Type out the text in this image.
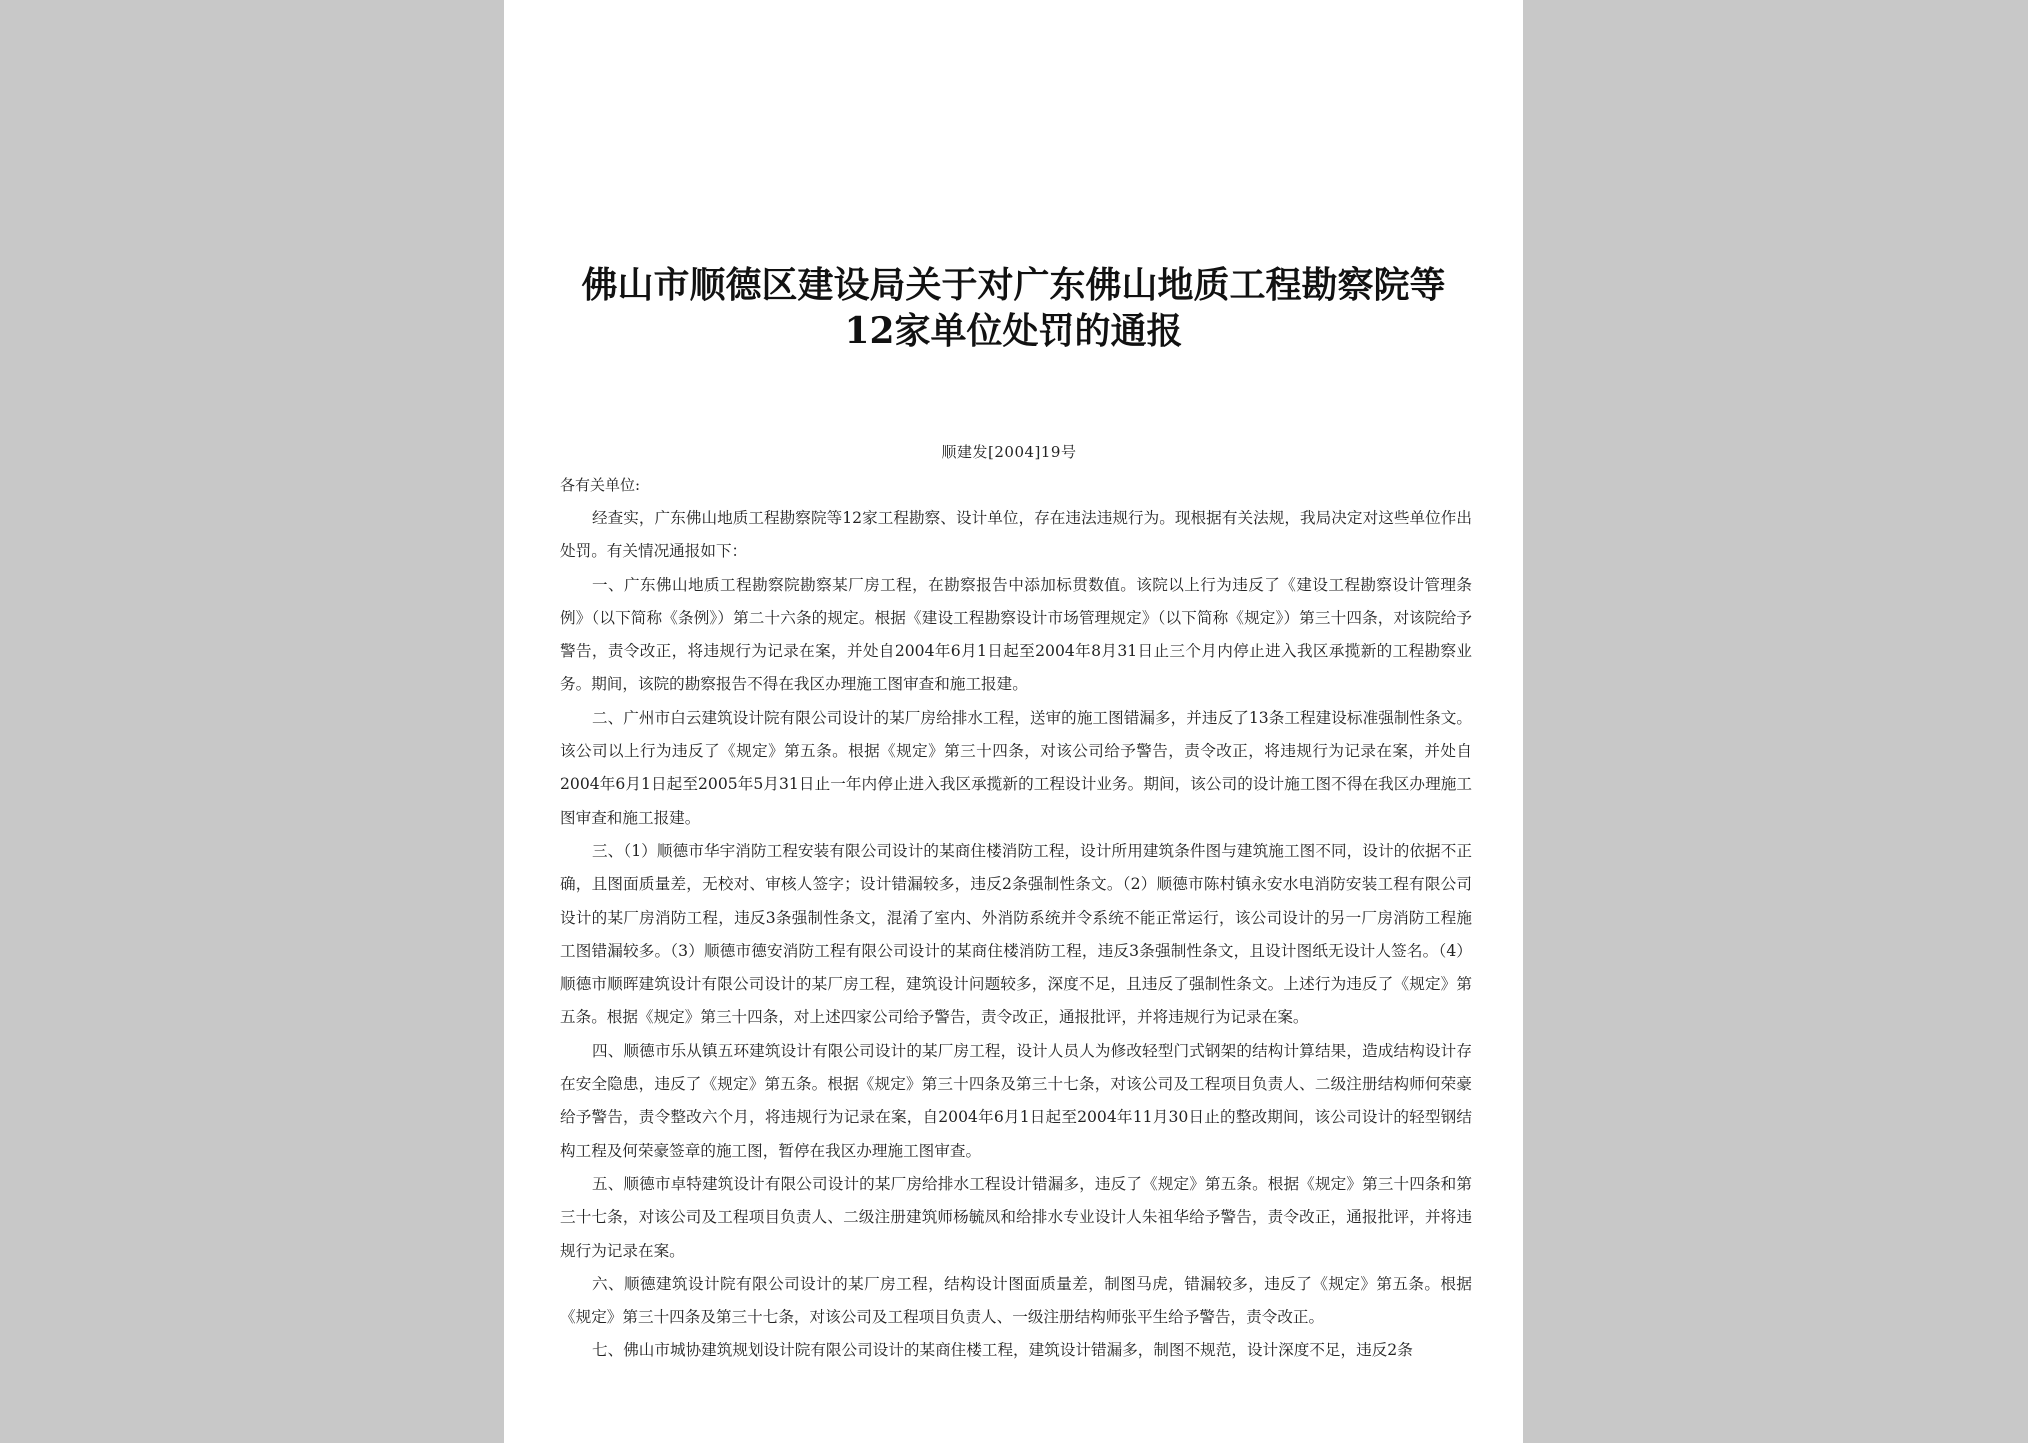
佛山市顺德区建设局关于对广东佛山地质工程勘察院等
12家单位处罚的通报
顺建发[2004]19号
各有关单位:

经查实，广东佛山地质工程勘察院等12家工程勘察、设计单位，存在违法违规行为。现根据有关法规，我局决定对这些单位作出处罚。有关情况通报如下：

一、广东佛山地质工程勘察院勘察某厂房工程，在勘察报告中添加标贯数值。该院以上行为违反了《建设工程勘察设计管理条例》（以下简称《条例》）第二十六条的规定。根据《建设工程勘察设计市场管理规定》（以下简称《规定》）第三十四条，对该院给予警告，责令改正，将违规行为记录在案，并处自2004年6月1日起至2004年8月31日止三个月内停止进入我区承揽新的工程勘察业务。期间，该院的勘察报告不得在我区办理施工图审查和施工报建。

二、广州市白云建筑设计院有限公司设计的某厂房给排水工程，送审的施工图错漏多，并违反了13条工程建设标准强制性条文。该公司以上行为违反了《规定》第五条。根据《规定》第三十四条，对该公司给予警告，责令改正，将违规行为记录在案，并处自2004年6月1日起至2005年5月31日止一年内停止进入我区承揽新的工程设计业务。期间，该公司的设计施工图不得在我区办理施工图审查和施工报建。

三、（1）顺德市华宇消防工程安装有限公司设计的某商住楼消防工程，设计所用建筑条件图与建筑施工图不同，设计的依据不正确，且图面质量差，无校对、审核人签字；设计错漏较多，违反2条强制性条文。（2）顺德市陈村镇永安水电消防安装工程有限公司设计的某厂房消防工程，违反3条强制性条文，混淆了室内、外消防系统并令系统不能正常运行，该公司设计的另一厂房消防工程施工图错漏较多。（3）顺德市德安消防工程有限公司设计的某商住楼消防工程，违反3条强制性条文，且设计图纸无设计人签名。（4）顺德市顺晖建筑设计有限公司设计的某厂房工程，建筑设计问题较多，深度不足，且违反了强制性条文。上述行为违反了《规定》第五条。根据《规定》第三十四条，对上述四家公司给予警告，责令改正，通报批评，并将违规行为记录在案。

四、顺德市乐从镇五环建筑设计有限公司设计的某厂房工程，设计人员人为修改轻型门式钢架的结构计算结果，造成结构设计存在安全隐患，违反了《规定》第五条。根据《规定》第三十四条及第三十七条，对该公司及工程项目负责人、二级注册结构师何荣豪给予警告，责令整改六个月，将违规行为记录在案，自2004年6月1日起至2004年11月30日止的整改期间，该公司设计的轻型钢结构工程及何荣豪签章的施工图，暂停在我区办理施工图审查。

五、顺德市卓特建筑设计有限公司设计的某厂房给排水工程设计错漏多，违反了《规定》第五条。根据《规定》第三十四条和第三十七条，对该公司及工程项目负责人、二级注册建筑师杨毓凤和给排水专业设计人朱祖华给予警告，责令改正，通报批评，并将违规行为记录在案。

六、顺德建筑设计院有限公司设计的某厂房工程，结构设计图面质量差，制图马虎，错漏较多，违反了《规定》第五条。根据《规定》第三十四条及第三十七条，对该公司及工程项目负责人、一级注册结构师张平生给予警告，责令改正。

七、佛山市城协建筑规划设计院有限公司设计的某商住楼工程，建筑设计错漏多，制图不规范，设计深度不足，违反2条
